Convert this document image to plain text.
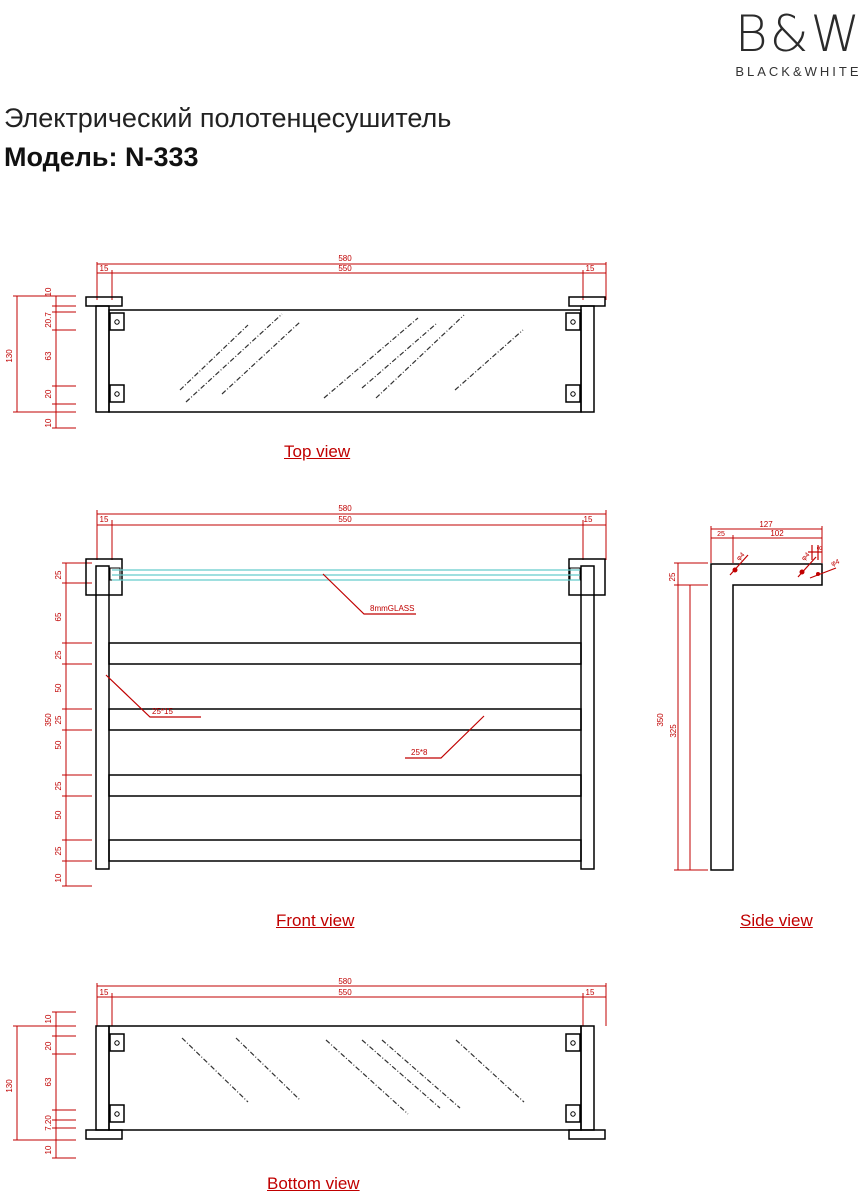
B&W
BLACK&WHITE
Электрический полотенцесушитель
Модель: N-333
580
550
15	15
130
10
20.7
63
20
10
580
550
15	15
350
25
65
25
50
25
50
25
50
25
10
8mmGLASS
25*15
25*8
127
25	102
25
350
325
φ4	φ4
φ4
8
580
550
15	15
130
10
20
63
7.20
10
Top view
Front view	Side view
Bottom view
